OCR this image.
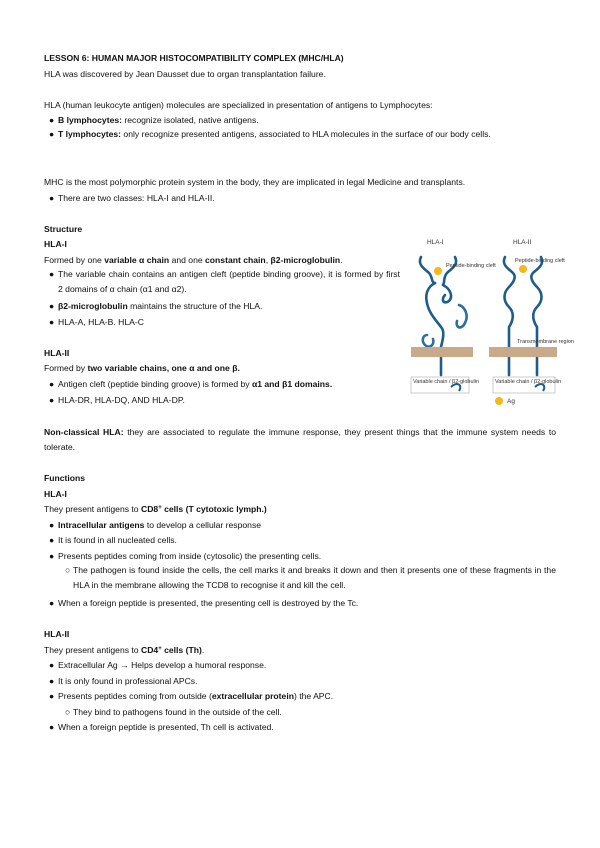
LESSON 6: HUMAN MAJOR HISTOCOMPATIBILITY COMPLEX (MHC/HLA)
HLA was discovered by Jean Dausset due to organ transplantation failure.
HLA (human leukocyte antigen) molecules are specialized in presentation of antigens to Lymphocytes:
● B lymphocytes: recognize isolated, native antigens.
● T lymphocytes: only recognize presented antigens, associated to HLA molecules in the surface of our body cells.
MHC is the most polymorphic protein system in the body, they are implicated in legal Medicine and transplants.
● There are two classes: HLA-I and HLA-II.
Structure
HLA-I
Formed by one variable α chain and one constant chain, β2-microglobulin.
● The variable chain contains an antigen cleft (peptide binding groove), it is formed by first 2 domains of α chain (α1 and α2).
● β2-microglobulin maintains the structure of the HLA.
● HLA-A, HLA-B. HLA-C
HLA-II
Formed by two variable chains, one α and one β.
● Antigen cleft (peptide binding groove) is formed by α1 and β1 domains.
● HLA-DR, HLA-DQ, AND HLA-DP.
HLA-I	HLA-II
Peptide-binding cleft
Peptide-binding cleft
Transmembrane region
Variable chain / β2-globulin	Variable chain / β2-globulin
Ag
Non-classical HLA: they are associated to regulate the immune response, they present things that the immune system needs to tolerate.
Functions
HLA-I
They present antigens to CD8+ cells (T cytotoxic lymph.)
● Intracellular antigens to develop a cellular response
● It is found in all nucleated cells.
● Presents peptides coming from inside (cytosolic) the presenting cells.
○ The pathogen is found inside the cells, the cell marks it and breaks it down and then it presents one of these fragments in the HLA in the membrane allowing the TCD8 to recognise it and kill the cell.
● When a foreign peptide is presented, the presenting cell is destroyed by the Tc.
HLA-II
They present antigens to CD4+ cells (Th).
● Extracellular Ag → Helps develop a humoral response.
● It is only found in professional APCs.
● Presents peptides coming from outside (extracellular protein) the APC.
○ They bind to pathogens found in the outside of the cell.
● When a foreign peptide is presented, Th cell is activated.
